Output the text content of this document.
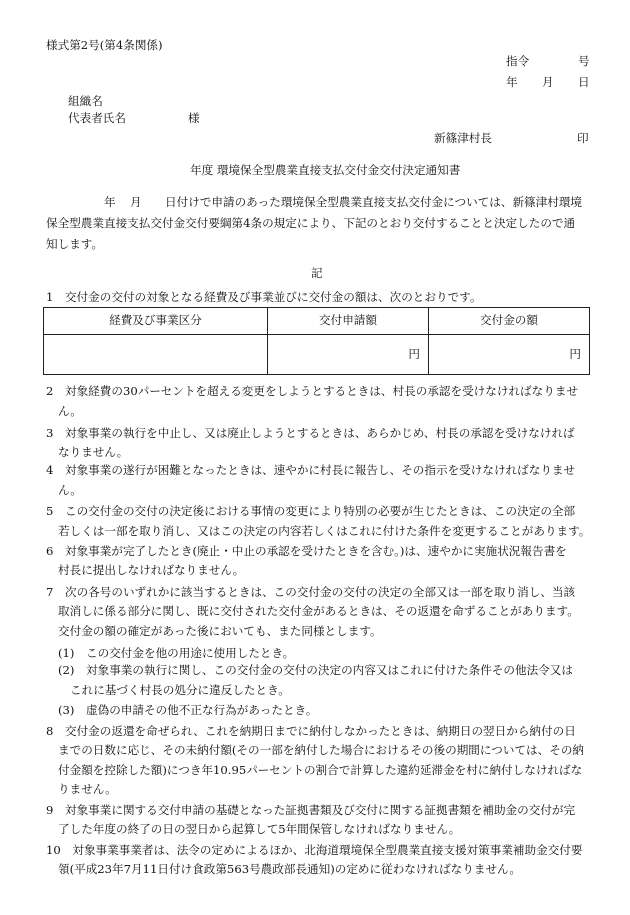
様式第2号(第4条関係)
指令	号
年 月 日
組織名
代表者氏名	様
新篠津村長	印
年度 環境保全型農業直接支払交付金交付決定通知書
年 月 日付けで申請のあった環境保全型農業直接支払交付金については、新篠津村環境
保全型農業直接支払交付金交付要綱第4条の規定により、下記のとおり交付することと決定したので通
知します。
記
1　交付金の交付の対象となる経費及び事業並びに交付金の額は、次のとおりです。
経費及び事業区分	交付申請額	交付金の額
	円	円
2　対象経費の30パーセントを超える変更をしようとするときは、村長の承認を受けなければなりませ
ん。
3　対象事業の執行を中止し、又は廃止しようとするときは、あらかじめ、村長の承認を受けなければ
なりません。
4　対象事業の遂行が困難となったときは、速やかに村長に報告し、その指示を受けなければなりませ
ん。
5　この交付金の交付の決定後における事情の変更により特別の必要が生じたときは、この決定の全部
若しくは一部を取り消し、又はこの決定の内容若しくはこれに付けた条件を変更することがあります。
6　対象事業が完了したとき(廃止・中止の承認を受けたときを含む。)は、速やかに実施状況報告書を
村長に提出しなければなりません。
7　次の各号のいずれかに該当するときは、この交付金の交付の決定の全部又は一部を取り消し、当該
取消しに係る部分に関し、既に交付された交付金があるときは、その返還を命ずることがあります。
交付金の額の確定があった後においても、また同様とします。
(1)　この交付金を他の用途に使用したとき。
(2)　対象事業の執行に関し、この交付金の交付の決定の内容又はこれに付けた条件その他法令又は
これに基づく村長の処分に違反したとき。
(3)　虚偽の申請その他不正な行為があったとき。
8　交付金の返還を命ぜられ、これを納期日までに納付しなかったときは、納期日の翌日から納付の日
までの日数に応じ、その未納付額(その一部を納付した場合におけるその後の期間については、その納
付金額を控除した額)につき年10.95パーセントの割合で計算した違約延滞金を村に納付しなければな
りません。
9　対象事業に関する交付申請の基礎となった証拠書類及び交付に関する証拠書類を補助金の交付が完
了した年度の終了の日の翌日から起算して5年間保管しなければなりません。
10　対象事業事業者は、法令の定めによるほか、北海道環境保全型農業直接支援対策事業補助金交付要
領(平成23年7月11日付け食政第563号農政部長通知)の定めに従わなければなりません。
